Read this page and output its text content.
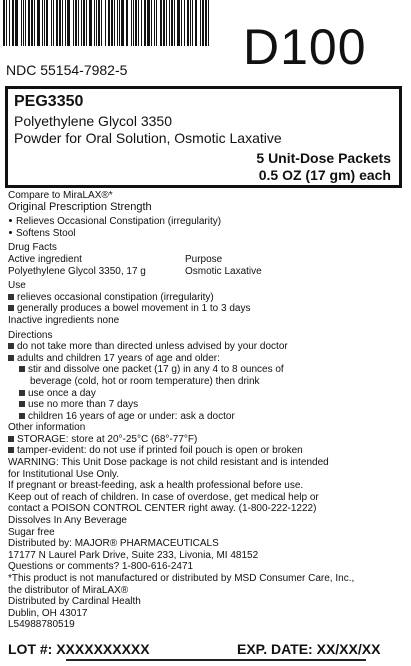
D100
NDC 55154-7982-5
PEG3350
Polyethylene Glycol 3350
Powder for Oral Solution, Osmotic Laxative
5 Unit-Dose Packets
0.5 OZ (17 gm) each
Compare to MiraLAX®*
Original Prescription Strength
Relieves Occasional Constipation (irregularity)
Softens Stool
Drug Facts
Active ingredient	Purpose
Polyethylene Glycol 3350, 17 g	Osmotic Laxative
Use
relieves occasional constipation (irregularity)
generally produces a bowel movement in 1 to 3 days
Inactive ingredients none
Directions
do not take more than directed unless advised by your doctor
adults and children 17 years of age and older:
stir and dissolve one packet (17 g) in any 4 to 8 ounces of
beverage (cold, hot or room temperature) then drink
use once a day
use no more than 7 days
children 16 years of age or under: ask a doctor
Other information
STORAGE: store at 20°-25°C (68°-77°F)
tamper-evident: do not use if printed foil pouch is open or broken
WARNING: This Unit Dose package is not child resistant and is intended
for Institutional Use Only.
If pregnant or breast-feeding, ask a health professional before use.
Keep out of reach of children. In case of overdose, get medical help or
contact a POISON CONTROL CENTER right away. (1-800-222-1222)
Dissolves In Any Beverage
Sugar free
Distributed by: MAJOR® PHARMACEUTICALS
17177 N Laurel Park Drive, Suite 233, Livonia, MI 48152
Questions or comments? 1-800-616-2471
*This product is not manufactured or distributed by MSD Consumer Care, Inc.,
the distributor of MiraLAX®
Distributed by Cardinal Health
Dublin, OH 43017
L54988780519
LOT #: XXXXXXXXXX	EXP. DATE: XX/XX/XX
